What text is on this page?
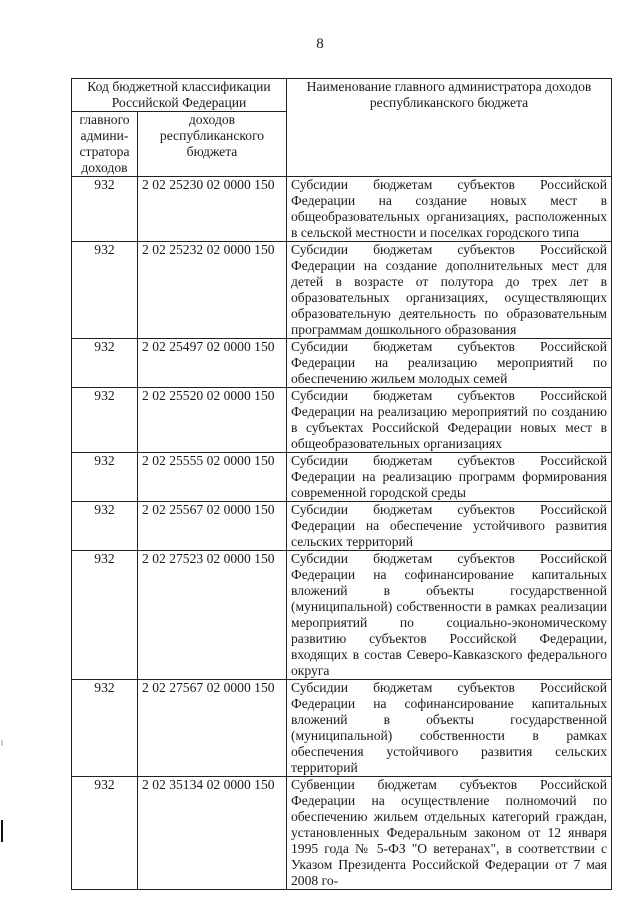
8
Код бюджетной классификации Российской Федерации		Наименование главного администратора доходов республиканского бюджета
главного админи-стратора доходов	доходов республиканского бюджета	
932	2 02 25230 02 0000 150	Субсидии бюджетам субъектов Российской Федерации на создание новых мест в общеобразовательных организациях, расположенных в сельской местности и поселках городского типа
932	2 02 25232 02 0000 150	Субсидии бюджетам субъектов Российской Федерации на создание дополнительных мест для детей в возрасте от полутора до трех лет в образовательных организациях, осуществляющих образовательную деятельность по образовательным программам дошкольного образования
932	2 02 25497 02 0000 150	Субсидии бюджетам субъектов Российской Федерации на реализацию мероприятий по обеспечению жильем молодых семей
932	2 02 25520 02 0000 150	Субсидии бюджетам субъектов Российской Федерации на реализацию мероприятий по созданию в субъектах Российской Федерации новых мест в общеобразовательных организациях
932	2 02 25555 02 0000 150	Субсидии бюджетам субъектов Российской Федерации на реализацию программ формирования современной городской среды
932	2 02 25567 02 0000 150	Субсидии бюджетам субъектов Российской Федерации на обеспечение устойчивого развития сельских территорий
932	2 02 27523 02 0000 150	Субсидии бюджетам субъектов Российской Федерации на софинансирование капитальных вложений в объекты государственной (муниципальной) собственности в рамках реализации мероприятий по социально-экономическому развитию субъектов Российской Федерации, входящих в состав Северо-Кавказского федерального округа
932	2 02 27567 02 0000 150	Субсидии бюджетам субъектов Российской Федерации на софинансирование капитальных вложений в объекты государственной (муниципальной) собственности в рамках обеспечения устойчивого развития сельских территорий
932	2 02 35134 02 0000 150	Субвенции бюджетам субъектов Российской Федерации на осуществление полномочий по обеспечению жильем отдельных категорий граждан, установленных Федеральным законом от 12 января 1995 года № 5-ФЗ "О ветеранах", в соответствии с Указом Президента Российской Федерации от 7 мая 2008 го-
